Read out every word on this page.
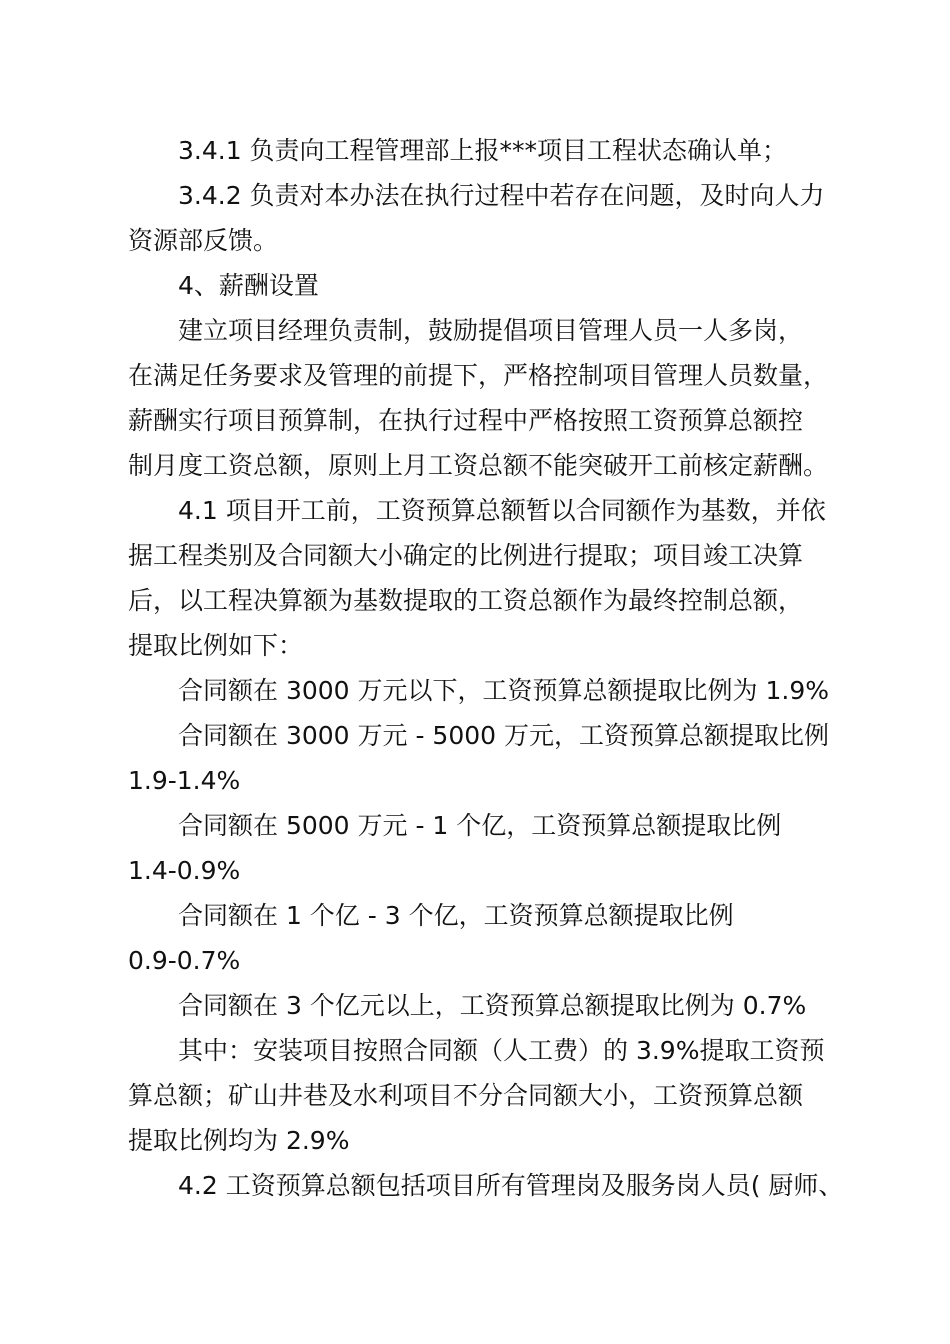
3.4.1 负责向工程管理部上报***项目工程状态确认单；
3.4.2 负责对本办法在执行过程中若存在问题，及时向人力
资源部反馈。
4、薪酬设置
建立项目经理负责制，鼓励提倡项目管理人员一人多岗，
在满足任务要求及管理的前提下，严格控制项目管理人员数量，
薪酬实行项目预算制，在执行过程中严格按照工资预算总额控
制月度工资总额，原则上月工资总额不能突破开工前核定薪酬。
4.1 项目开工前，工资预算总额暂以合同额作为基数，并依
据工程类别及合同额大小确定的比例进行提取；项目竣工决算
后，以工程决算额为基数提取的工资总额作为最终控制总额，
提取比例如下：
合同额在 3000 万元以下，工资预算总额提取比例为 1.9%
合同额在 3000 万元 - 5000 万元，工资预算总额提取比例
1.9-1.4%
合同额在 5000 万元 - 1 个亿，工资预算总额提取比例
1.4-0.9%
合同额在 1 个亿 - 3 个亿，工资预算总额提取比例
0.9-0.7%
合同额在 3 个亿元以上，工资预算总额提取比例为 0.7%
其中：安装项目按照合同额（人工费）的 3.9%提取工资预
算总额；矿山井巷及水利项目不分合同额大小，工资预算总额
提取比例均为 2.9%
4.2 工资预算总额包括项目所有管理岗及服务岗人员( 厨师、
